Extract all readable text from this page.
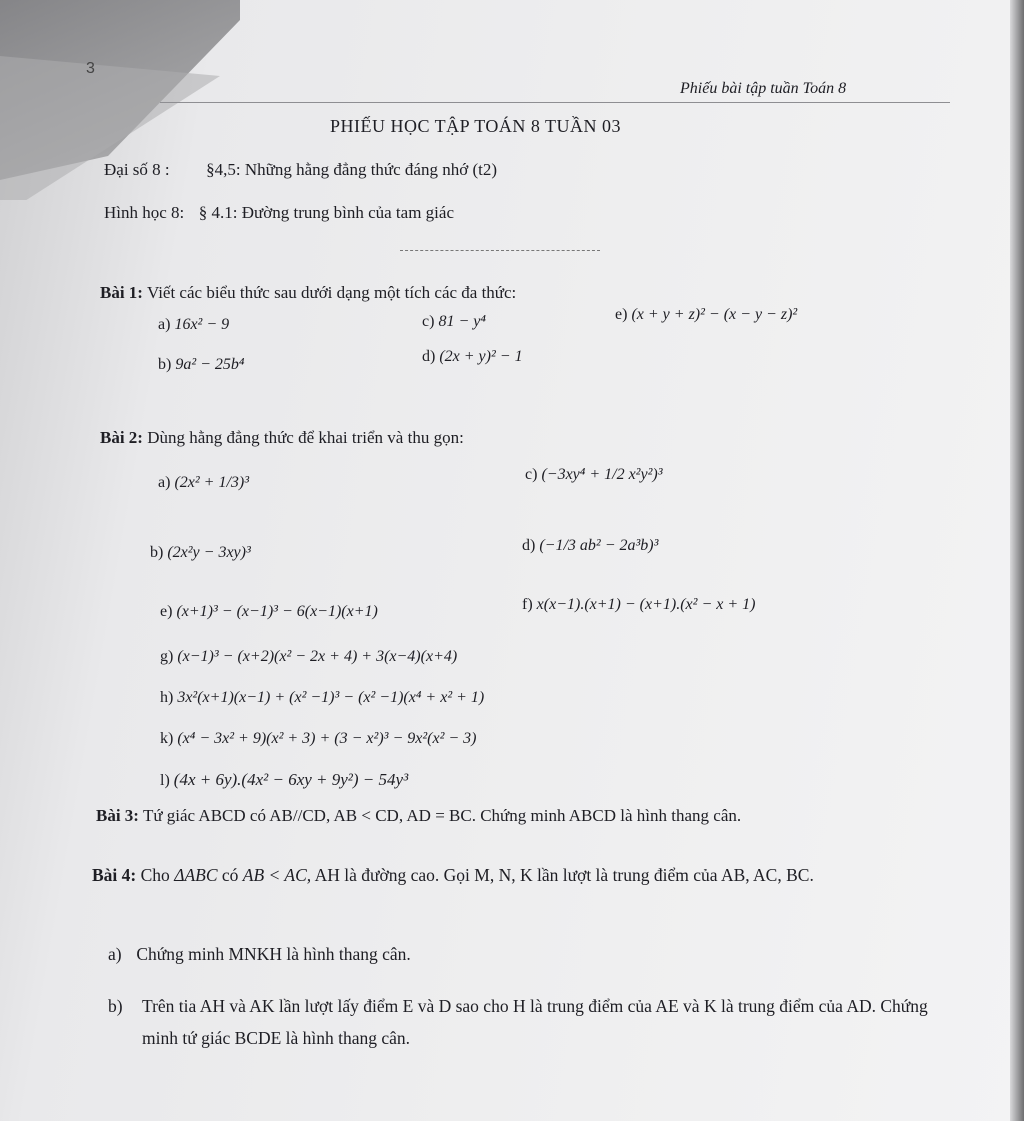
3
Phiếu bài tập tuần Toán 8
PHIẾU HỌC TẬP TOÁN 8 TUẦN 03
Đại số 8 : §4,5: Những hằng đẳng thức đáng nhớ (t2)
Hình học 8: § 4.1: Đường trung bình của tam giác
Bài 1: Viết các biểu thức sau dưới dạng một tích các đa thức:
a) 16x² − 9	c) 81 − y⁴	e) (x + y + z)² − (x − y − z)²
b) 9a² − 25b⁴	d) (2x + y)² − 1
Bài 2: Dùng hằng đẳng thức để khai triển và thu gọn:
a) (2x² + 1/3)³	c) (−3xy⁴ + 1/2 x²y²)³
b) (2x²y − 3xy)³	d) (−1/3 ab² − 2a³b)³
e) (x+1)³ − (x−1)³ − 6(x−1)(x+1)	f) x(x−1).(x+1) − (x+1).(x² − x + 1)
g) (x−1)³ − (x+2)(x² − 2x + 4) + 3(x−4)(x+4)
h) 3x²(x+1)(x−1) + (x² −1)³ − (x² −1)(x⁴ + x² + 1)
k) (x⁴ − 3x² + 9)(x² + 3) + (3 − x²)³ − 9x²(x² − 3)
l) (4x + 6y).(4x² − 6xy + 9y²) − 54y³
Bài 3: Tứ giác ABCD có AB//CD, AB < CD, AD = BC. Chứng minh ABCD là hình thang cân.
Bài 4: Cho ΔABC có AB < AC, AH là đường cao. Gọi M, N, K lần lượt là trung điểm của AB, AC, BC.
a) Chứng minh MNKH là hình thang cân.
b)	Trên tia AH và AK lần lượt lấy điểm E và D sao cho H là trung điểm của AE và K là trung điểm của AD. Chứng minh tứ giác BCDE là hình thang cân.
